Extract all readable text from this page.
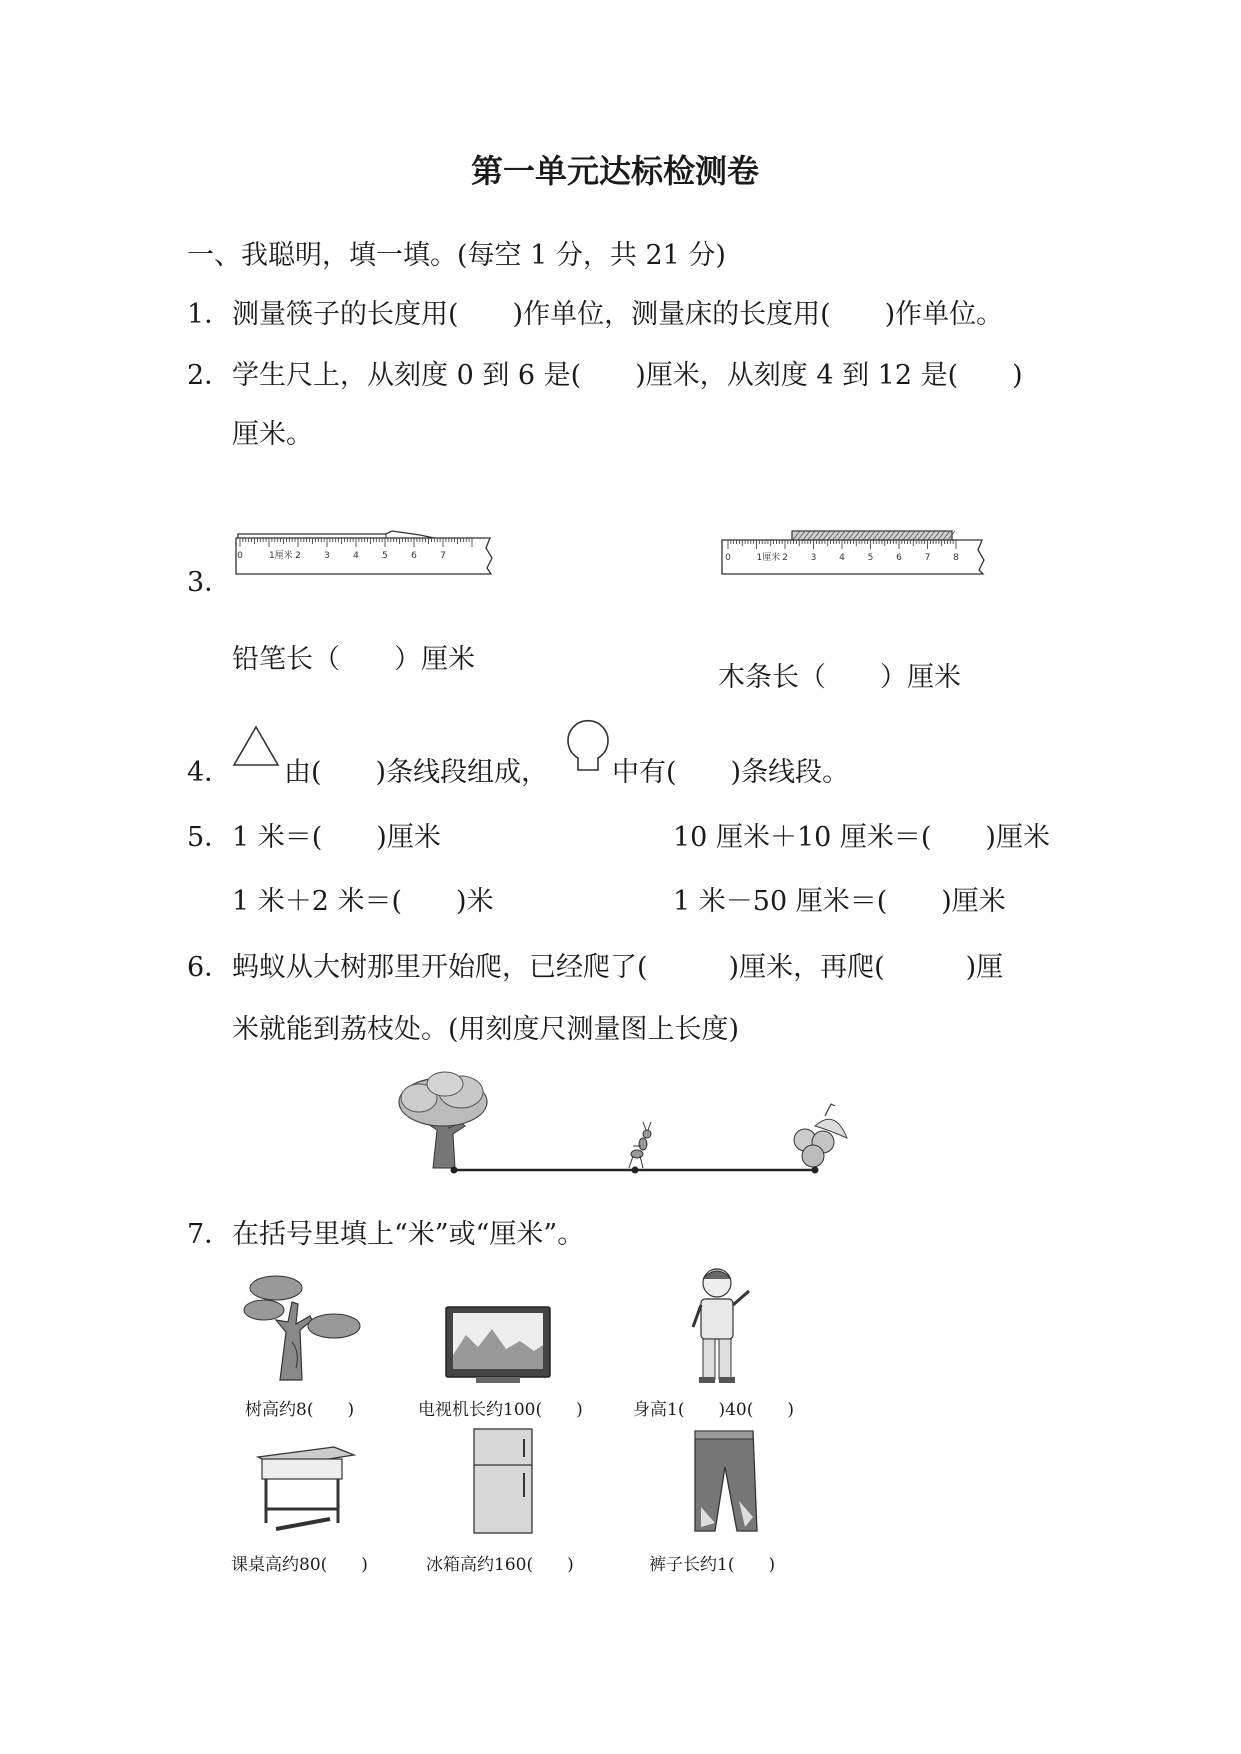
第一单元达标检测卷
一、我聪明，填一填。(每空 1 分，共 21 分)
1． 测量筷子的长度用(　　)作单位，测量床的长度用(　　)作单位。
2． 学生尺上，从刻度 0 到 6 是(　　)厘米，从刻度 4 到 12 是(　　)
厘米。
3．
0	1厘米 2	3	4	5	6	7	0	1厘米 2	3	4	5	6	7	8
铅笔长（　　）厘米
木条长（　　）厘米
4． 由(　　)条线段组成， 中有(　　)条线段。
5． 1 米＝(　　)厘米	10 厘米＋10 厘米＝(　　)厘米
1 米＋2 米＝(　　)米	1 米－50 厘米＝(　　)厘米
6． 蚂蚁从大树那里开始爬，已经爬了(　　　)厘米，再爬(　　　)厘
米就能到荔枝处。(用刻度尺测量图上长度)
7． 在括号里填上“米”或“厘米”。
树高约8(　　)	电视机长约100(　　)	身高1(　　)40(　　)
课桌高约80(　　)	冰箱高约160(　　)	裤子长约1(　　)
